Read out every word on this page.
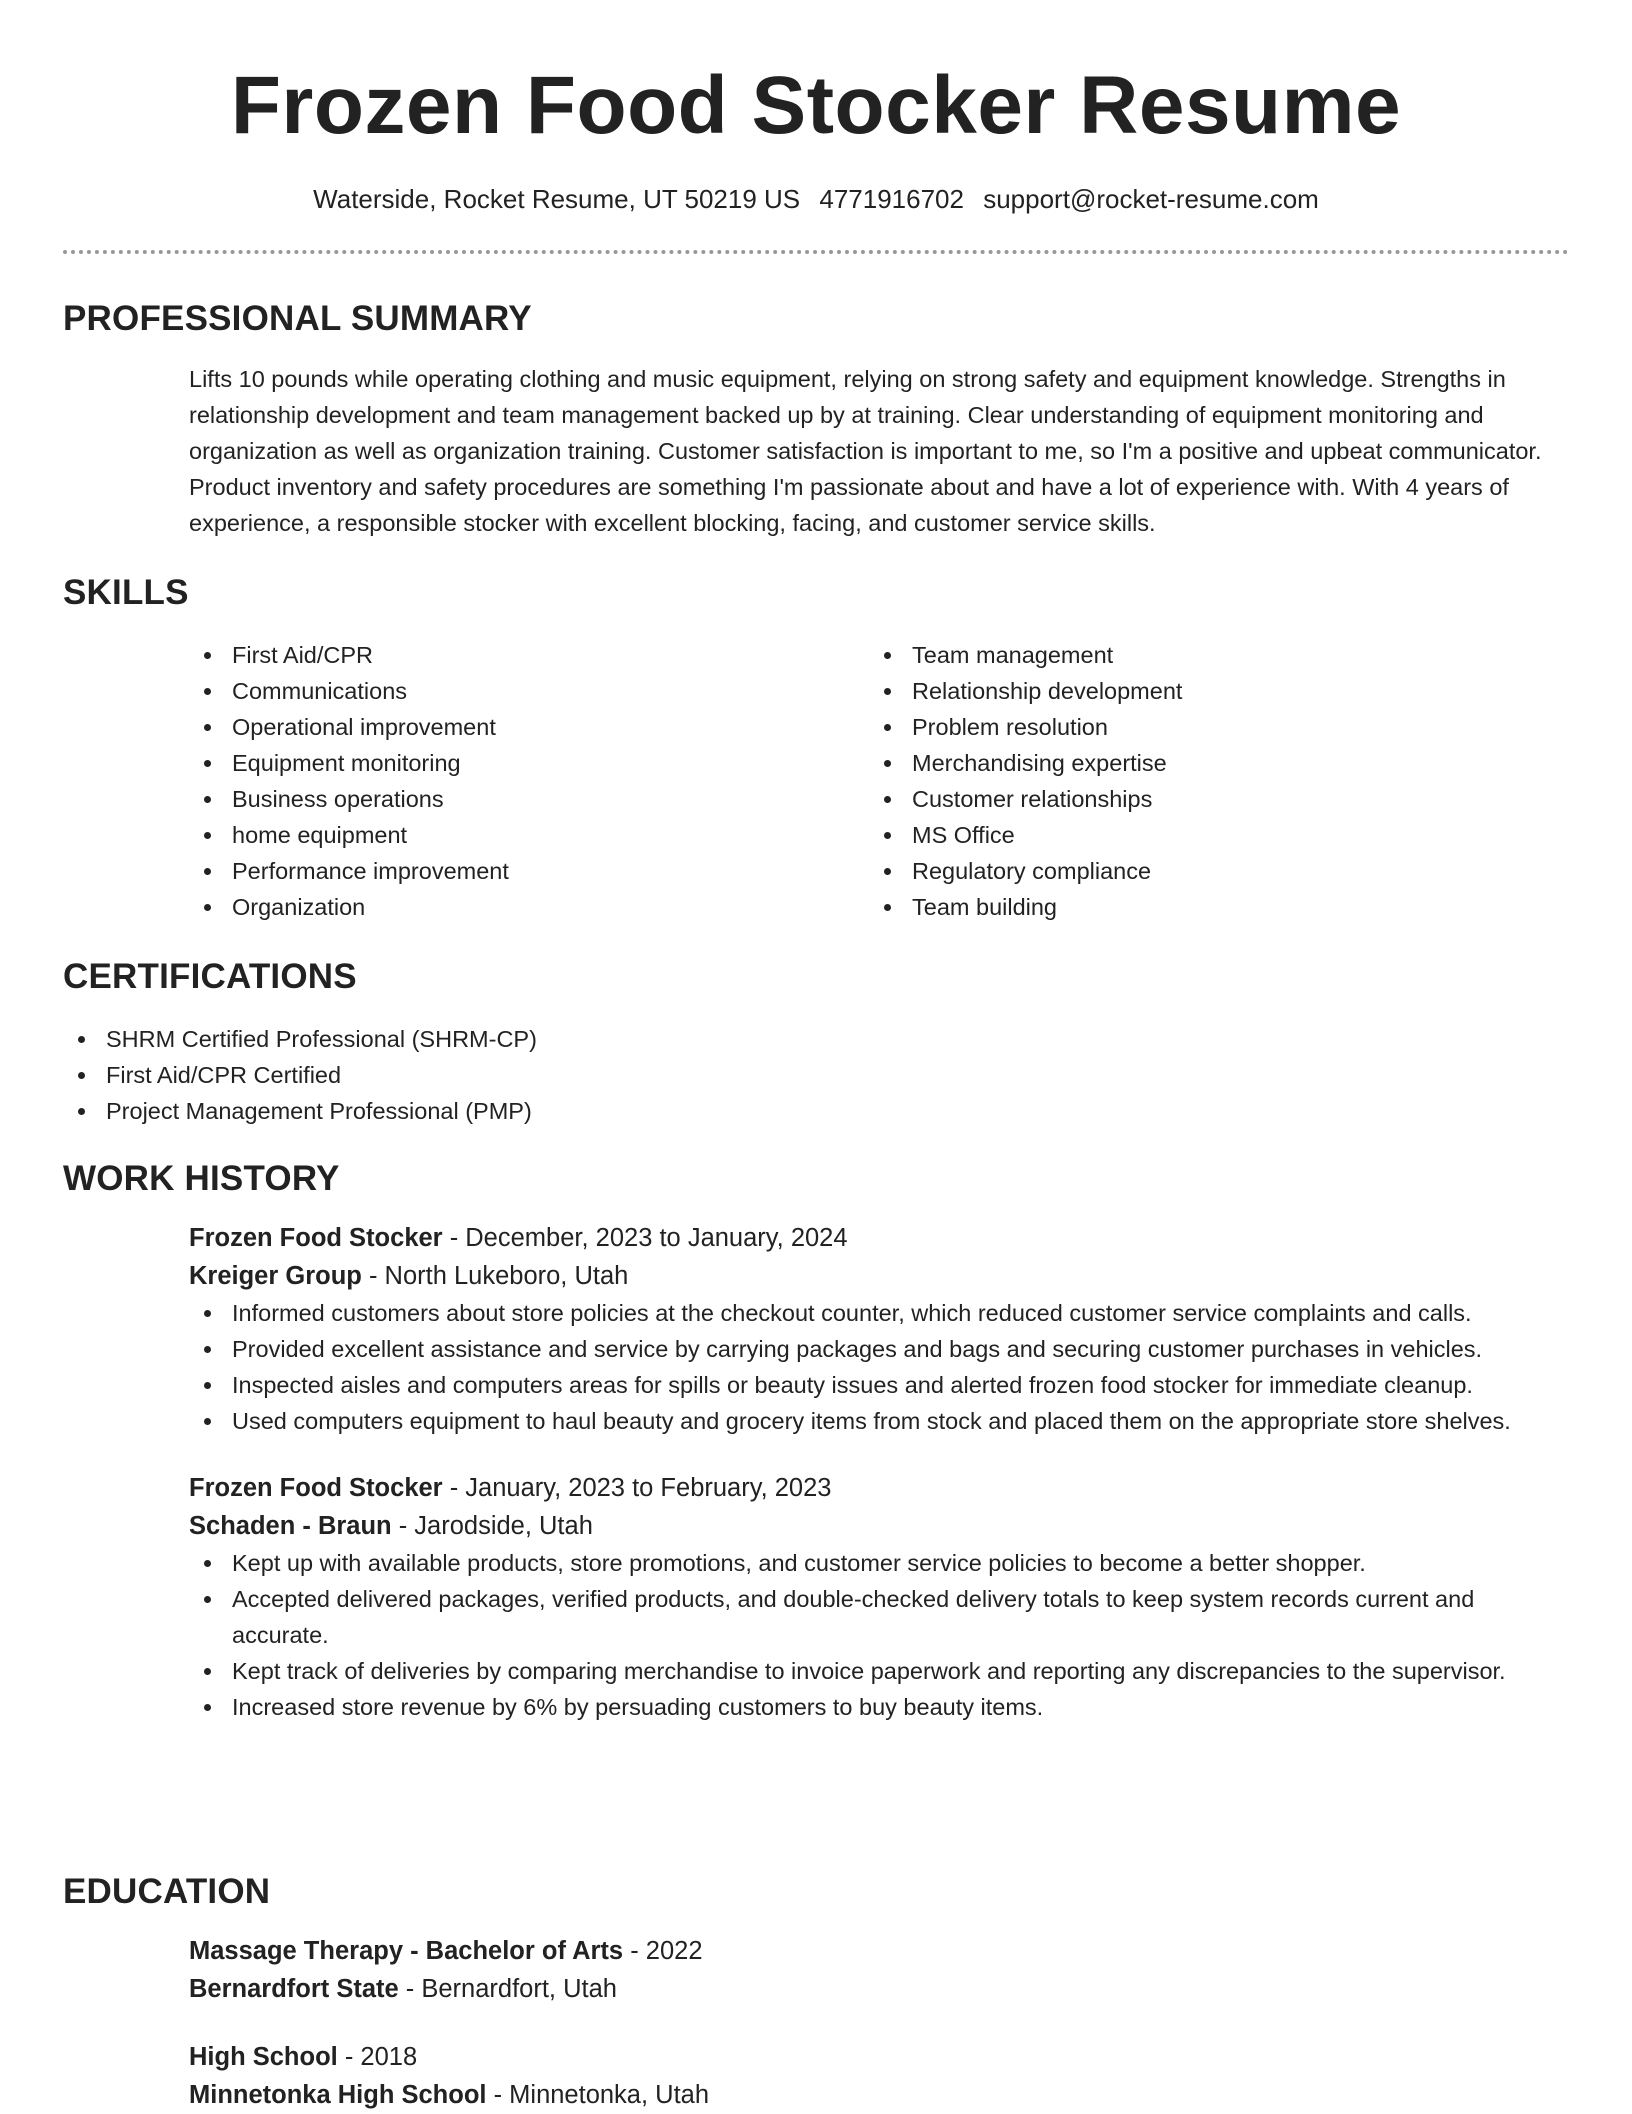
Frozen Food Stocker Resume
Waterside, Rocket Resume, UT 50219 US 4771916702 support@rocket-resume.com
PROFESSIONAL SUMMARY
Lifts 10 pounds while operating clothing and music equipment, relying on strong safety and equipment knowledge. Strengths in relationship development and team management backed up by at training. Clear understanding of equipment monitoring and organization as well as organization training. Customer satisfaction is important to me, so I'm a positive and upbeat communicator. Product inventory and safety procedures are something I'm passionate about and have a lot of experience with. With 4 years of experience, a responsible stocker with excellent blocking, facing, and customer service skills.
SKILLS
First Aid/CPR
Communications
Operational improvement
Equipment monitoring
Business operations
home equipment
Performance improvement
Organization
Team management
Relationship development
Problem resolution
Merchandising expertise
Customer relationships
MS Office
Regulatory compliance
Team building
CERTIFICATIONS
SHRM Certified Professional (SHRM-CP)
First Aid/CPR Certified
Project Management Professional (PMP)
WORK HISTORY
Frozen Food Stocker - December, 2023 to January, 2024
Kreiger Group - North Lukeboro, Utah
Informed customers about store policies at the checkout counter, which reduced customer service complaints and calls.
Provided excellent assistance and service by carrying packages and bags and securing customer purchases in vehicles.
Inspected aisles and computers areas for spills or beauty issues and alerted frozen food stocker for immediate cleanup.
Used computers equipment to haul beauty and grocery items from stock and placed them on the appropriate store shelves.
Frozen Food Stocker - January, 2023 to February, 2023
Schaden - Braun - Jarodside, Utah
Kept up with available products, store promotions, and customer service policies to become a better shopper.
Accepted delivered packages, verified products, and double-checked delivery totals to keep system records current and accurate.
Kept track of deliveries by comparing merchandise to invoice paperwork and reporting any discrepancies to the supervisor.
Increased store revenue by 6% by persuading customers to buy beauty items.
EDUCATION
Massage Therapy - Bachelor of Arts - 2022
Bernardfort State - Bernardfort, Utah
High School - 2018
Minnetonka High School - Minnetonka, Utah
